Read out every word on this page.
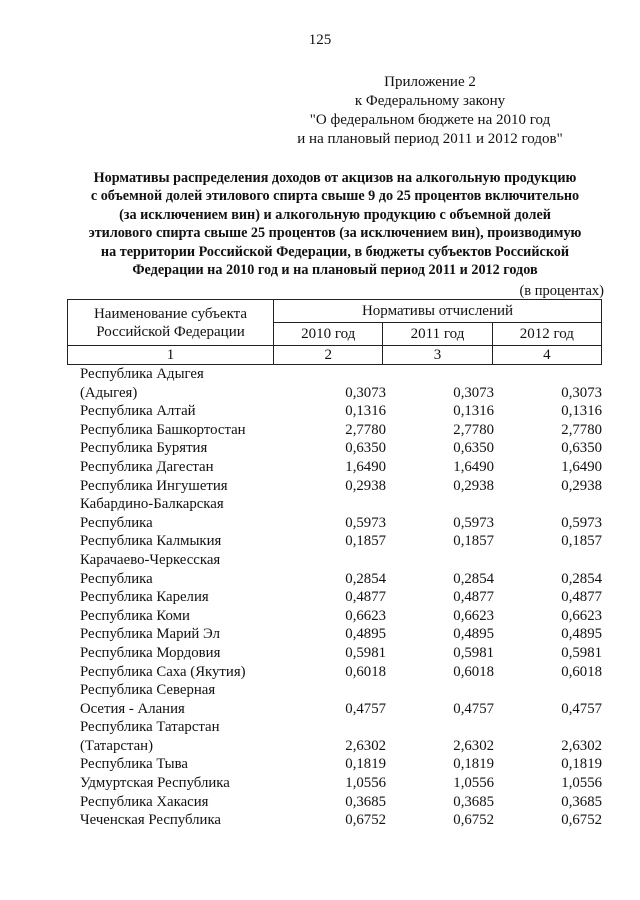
125
Приложение 2
к Федеральному закону
"О федеральном бюджете на 2010 год
и на плановый период 2011 и 2012 годов"
Нормативы распределения доходов от акцизов на алкогольную продукцию
с объемной долей этилового спирта свыше 9 до 25 процентов включительно
(за исключением вин) и алкогольную продукцию с объемной долей
этилового спирта свыше 25 процентов (за исключением вин), производимую
на территории Российской Федерации, в бюджеты субъектов Российской
Федерации на 2010 год и на плановый период 2011 и 2012 годов
(в процентах)
Наименование субъекта
Российской Федерации	Нормативы отчислений		
	2010 год	2011 год	2012 год
1	2	3	4
Республика Адыгея
(Адыгея)	0,3073	0,3073	0,3073
Республика Алтай	0,1316	0,1316	0,1316
Республика Башкортостан	2,7780	2,7780	2,7780
Республика Бурятия	0,6350	0,6350	0,6350
Республика Дагестан	1,6490	1,6490	1,6490
Республика Ингушетия	0,2938	0,2938	0,2938
Кабардино-Балкарская
Республика	0,5973	0,5973	0,5973
Республика Калмыкия	0,1857	0,1857	0,1857
Карачаево-Черкесская
Республика	0,2854	0,2854	0,2854
Республика Карелия	0,4877	0,4877	0,4877
Республика Коми	0,6623	0,6623	0,6623
Республика Марий Эл	0,4895	0,4895	0,4895
Республика Мордовия	0,5981	0,5981	0,5981
Республика Саха (Якутия)	0,6018	0,6018	0,6018
Республика Северная
Осетия - Алания	0,4757	0,4757	0,4757
Республика Татарстан
(Татарстан)	2,6302	2,6302	2,6302
Республика Тыва	0,1819	0,1819	0,1819
Удмуртская Республика	1,0556	1,0556	1,0556
Республика Хакасия	0,3685	0,3685	0,3685
Чеченская Республика	0,6752	0,6752	0,6752
